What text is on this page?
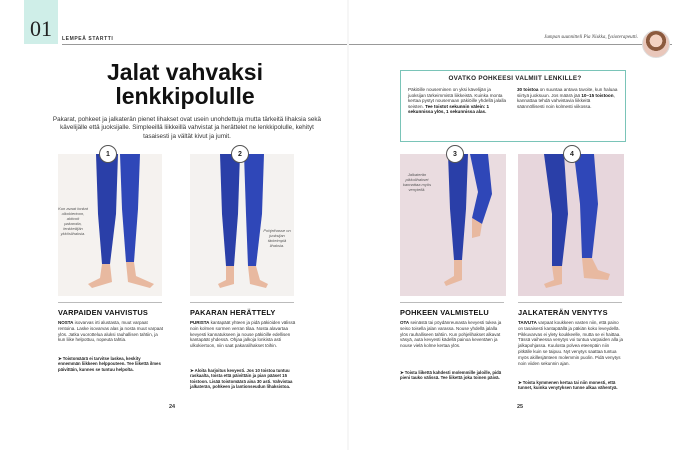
01 LEMPEÄ STARTTI	Jumpan suunnitteli Pia Niskka, fysioterapeutti.
Jalat vahvaksi
lenkkipolulle
Pakarat, pohkeet ja jalkaterän pienet lihakset ovat usein unohdettuja mutta tärkeitä lihaksia sekä kävelijälle että juoksijalle. Simpleeillä liikkeillä vahvistat ja herättelet ne lenkkipolulle, kehityt tasaisesti ja vältät kivut ja jumit.
OVATKO POHKEESI VALMIIT LENKILLE?
Päkiöille nouseminen on yksi kävelijän ja juoksijan tärkeimmistä liikkeistä. Kuinka monta kertaa pystyt nousemaan päkiöille yhdellä jalalla seisten. Tee toistot sekunnin välein: 1 sekunnissa ylös, 1 sekunnissa alas.
30 toistoa on suuntaa antava tavoite, kun haluaa siirtyä juoksuun. Jos määrä jää 10–15 toistoon, kannattaa tehdä vahvistavia liikkeitä säännöllisesti noin kolmesti viikossa.
Kun avaat lonkat ulkokiertoon, aktivoit pakaroita, lenkkeilijän ykköslihaksia.
Pohjelhasse on juoksijan tärkeimpiä lihaksia.
Jalkaterän pikkulihakset kannattaa myös venytellä.
1	2	3	4
VARPAIDEN VAHVISTUS
NOSTA isovarvas irti alustasta, muut varpaat rentoina. Laske isovarvas alas ja nosta muut varpaat ylös. Jatka vuorottelua aluksi rauhallisen tahtiin, ja kun liike helpottuu, nopeuta tahtia.
➤ Toistomäärä ei tarvitse laskea, keskity ennemmän liikkeen helppouteen. Tee liikettä ilmes päivittäin, kunnes se tuntuu helpolta.
PAKARAN HERÄTTELY
PURISTA kantapäät yhteen ja pidä päkiöiden välissä noin kolmen sormen verran tilaa. Nosta alavartaa kevyesti kannatukseen ja nouse päkiöille edellisen kantapäät yhdessä. Ohjaa jalkoja lonkista asti ulkokiertoon, niin saat pakaralihakset töihin.
➤ Aloita harjoitus kevyesti. Jos 10 toistoa tuntuu raskaalta, toista että päivittäin ja pian pääset 15 toistoon. Lisää toistomäärä aina 30 asti. Vahvistaa jalkaterän, pohkeen ja lantionseudun lihaksistoa.
POHKEEN VALMISTELU
OTA seinästä tai pöydänreunasta kevyesti tukea ja seiso toisella jalan varassa. Nouse yhdellä jalalla ylös rauhalliseen tahtiin. Kun pohjelihakset alkavat väsyä, auta kevyesti kädellä painoa keventäen ja nouse vielä kolme kertaa ylös.
➤ Toista liikettä kahdesti molemmille jaloille, pidä pieni tauko välissä. Tee liikettä joka toinen päivä.
JALKATERÄN VENYTYS
TAIVUTA varpaat koukkeen vasten niin, että paino on tasaisesti kantapäällä ja päkiän koko leveydellä. Pikkuvarvas ei ylety koukkeelle, mutta se ei haittaa. Tässä vaiheessa venytys voi tuntua varpaiden alla ja jalkapohjassa. Kuulosta polvea eteenpäin niin pitkälle kuin se taipuu. Nyt venytys saattaa tuntua myös akillesjänteen molemmin puolin. Pidä venytys noin viiden sekunnin ajan.
➤ Toista kymmenen kertaa tai niin monesti, että tunnet, kuinka venytyksen tunne alkaa vähentyä.
24	25
